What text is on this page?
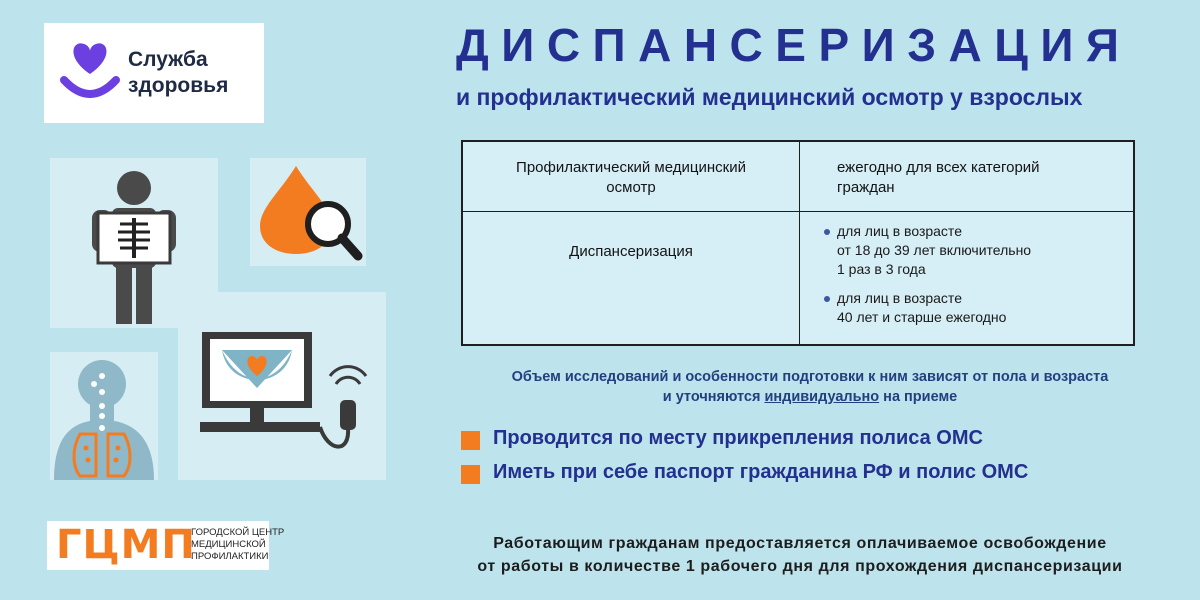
Служба
здоровья
ДИСПАНСЕРИЗАЦИЯ
и профилактический медицинский осмотр у взрослых
Профилактический медицинский
осмотр
ежегодно для всех категорий
граждан
Диспансеризация
для лиц в возрасте
от 18 до 39 лет включительно
1 раз в 3 года
для лиц в возрасте
40 лет и старше ежегодно
Объем исследований и особенности подготовки к ним зависят от пола и возраста
и уточняются индивидуально на приеме
Проводится по месту прикрепления полиса ОМС
Иметь при себе паспорт гражданина РФ и полис ОМС
Работающим гражданам предоставляется оплачиваемое освобождение
от работы в количестве 1 рабочего дня для прохождения диспансеризации
ГЦМП
ГОРОДСКОЙ ЦЕНТР
МЕДИЦИНСКОЙ
ПРОФИЛАКТИКИ
